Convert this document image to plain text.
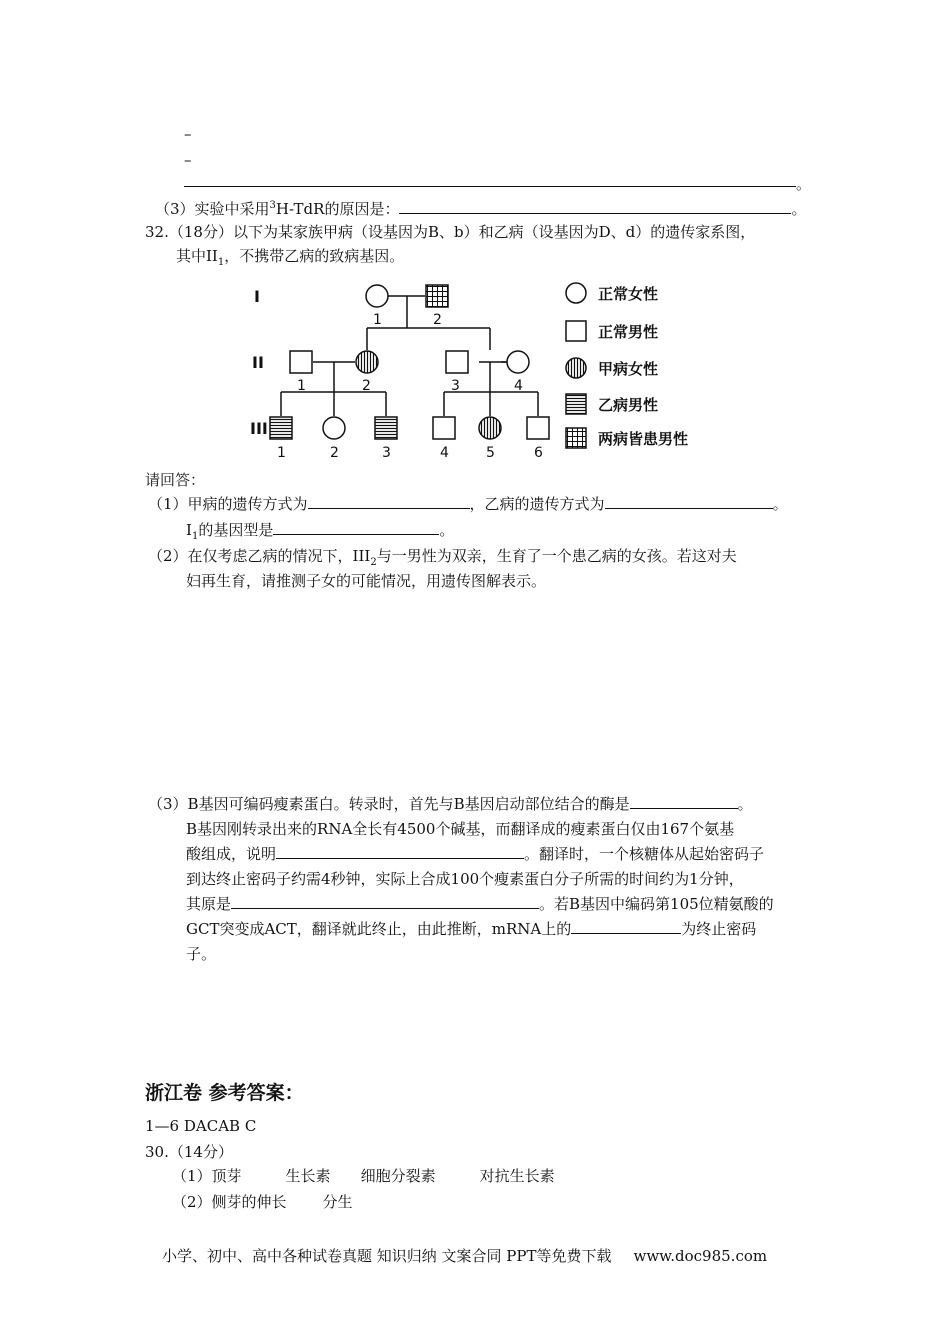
–
–
。
（3）实验中采用$^3$H-TdR的原因是：	。
32.（18分）以下为某家族甲病（设基因为B、b）和乙病（设基因为D、d）的遗传家系图，
其中$II_1$，不携带乙病的致病基因。
I
II
III
1	2
1	2	3	4
1	2	3	4	5	6
正常女性
正常男性
甲病女性
乙病男性
两病皆患男性
请回答：
（1）甲病的遗传方式为	，乙病的遗传方式为	。
$I_1$的基因型是	。
（2）在仅考虑乙病的情况下，$III_2$与一男性为双亲，生育了一个患乙病的女孩。若这对夫
妇再生育，请推测子女的可能情况，用遗传图解表示。
（3）B基因可编码瘦素蛋白。转录时，首先与B基因启动部位结合的酶是	。
B基因刚转录出来的RNA全长有4500个碱基，而翻译成的瘦素蛋白仅由167个氨基
酸组成，说明	。翻译时，一个核糖体从起始密码子
到达终止密码子约需4秒钟，实际上合成100个瘦素蛋白分子所需的时间约为1分钟，
其原是	。若B基因中编码第105位精氨酸的
GCT突变成ACT，翻译就此终止，由此推断，mRNA上的	为终止密码
子。
浙江卷 参考答案：
1—6 DACAB C
30.（14分）
（1）顶芽	生长素 细胞分裂素	对抗生长素
（2）侧芽的伸长 分生
小学、初中、高中各种试卷真题 知识归纳 文案合同 PPT等免费下载 www.doc985.com
